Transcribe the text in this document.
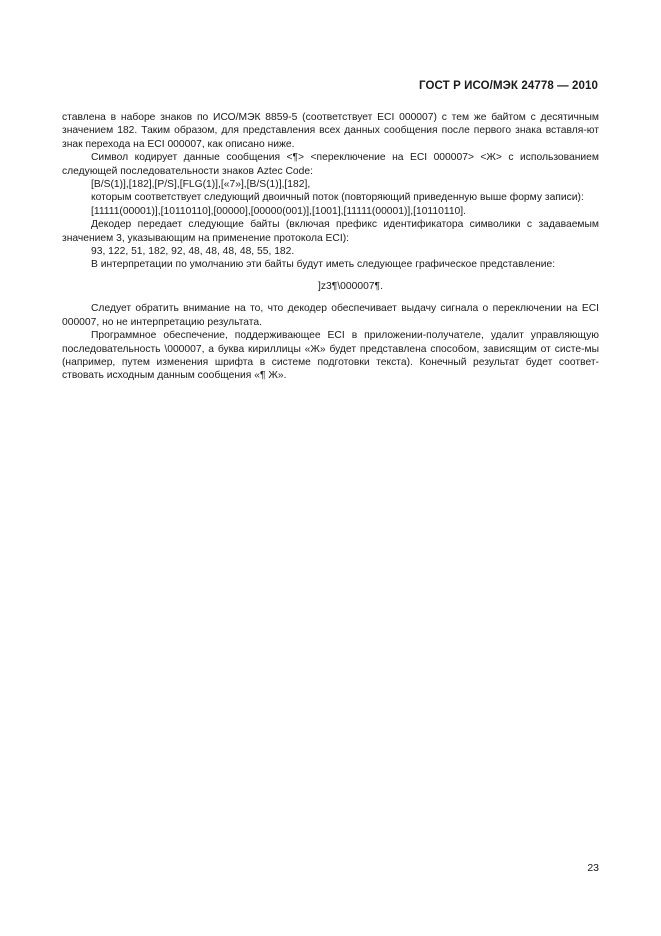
ГОСТ Р ИСО/МЭК 24778 — 2010

ставлена в наборе знаков по ИСО/МЭК 8859-5 (соответствует ECI 000007) с тем же байтом с десятичным значением 182. Таким образом, для представления всех данных сообщения после первого знака вставля-ют знак перехода на ECI 000007, как описано ниже.

Символ кодирует данные сообщения <¶> <переключение на ECI 000007> <Ж> с использованием следующей последовательности знаков Aztec Code:

[B/S(1)],[182],[P/S],[FLG(1)],[«7»],[B/S(1)],[182],

которым соответствует следующий двоичный поток (повторяющий приведенную выше форму записи):

[11111(00001)],[10110110],[00000],[00000(001)],[1001],[11111(00001)],[10110110].

Декодер передает следующие байты (включая префикс идентификатора символики с задаваемым значением 3, указывающим на применение протокола ECI):

93, 122, 51, 182, 92, 48, 48, 48, 48, 55, 182.

В интерпретации по умолчанию эти байты будут иметь следующее графическое представление:

]z3¶\000007¶.

Следует обратить внимание на то, что декодер обеспечивает выдачу сигнала о переключении на ECI 000007, но не интерпретацию результата.

Программное обеспечение, поддерживающее ECI в приложении-получателе, удалит управляющую последовательность \000007, а буква кириллицы «Ж» будет представлена способом, зависящим от систе-мы (например, путем изменения шрифта в системе подготовки текста). Конечный результат будет соответ-ствовать исходным данным сообщения «¶ Ж».

23
